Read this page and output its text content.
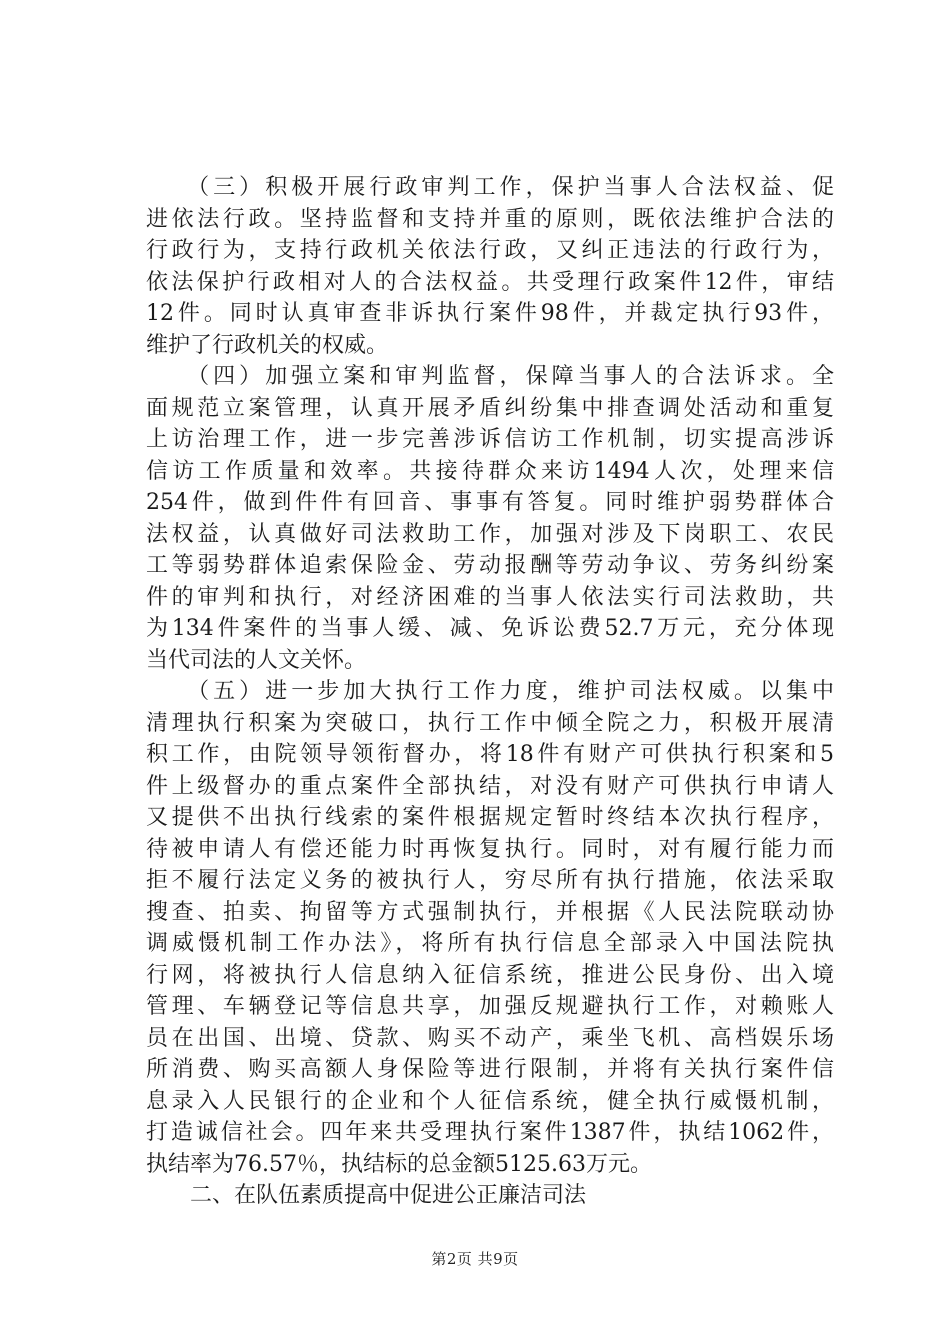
　　（三）积极开展行政审判工作，保护当事人合法权益、促
进依法行政。坚持监督和支持并重的原则，既依法维护合法的
行政行为，支持行政机关依法行政，又纠正违法的行政行为，
依法保护行政相对人的合法权益。共受理行政案件12件，审结
12件。同时认真审查非诉执行案件98件，并裁定执行93件，
维护了行政机关的权威。
　　（四）加强立案和审判监督，保障当事人的合法诉求。全
面规范立案管理，认真开展矛盾纠纷集中排查调处活动和重复
上访治理工作，进一步完善涉诉信访工作机制，切实提高涉诉
信访工作质量和效率。共接待群众来访1494人次，处理来信
254件，做到件件有回音、事事有答复。同时维护弱势群体合
法权益，认真做好司法救助工作，加强对涉及下岗职工、农民
工等弱势群体追索保险金、劳动报酬等劳动争议、劳务纠纷案
件的审判和执行，对经济困难的当事人依法实行司法救助，共
为134件案件的当事人缓、减、免诉讼费52.7万元，充分体现
当代司法的人文关怀。
　　（五）进一步加大执行工作力度，维护司法权威。以集中
清理执行积案为突破口，执行工作中倾全院之力，积极开展清
积工作，由院领导领衔督办，将18件有财产可供执行积案和5
件上级督办的重点案件全部执结，对没有财产可供执行申请人
又提供不出执行线索的案件根据规定暂时终结本次执行程序，
待被申请人有偿还能力时再恢复执行。同时，对有履行能力而
拒不履行法定义务的被执行人，穷尽所有执行措施，依法采取
搜查、拍卖、拘留等方式强制执行，并根据《人民法院联动协
调威慑机制工作办法》，将所有执行信息全部录入中国法院执
行网，将被执行人信息纳入征信系统，推进公民身份、出入境
管理、车辆登记等信息共享，加强反规避执行工作，对赖账人
员在出国、出境、贷款、购买不动产，乘坐飞机、高档娱乐场
所消费、购买高额人身保险等进行限制，并将有关执行案件信
息录入人民银行的企业和个人征信系统，健全执行威慑机制，
打造诚信社会。四年来共受理执行案件1387件，执结1062件，
执结率为76.57％，执结标的总金额5125.63万元。
　　二、在队伍素质提高中促进公正廉洁司法
第2页 共9页
